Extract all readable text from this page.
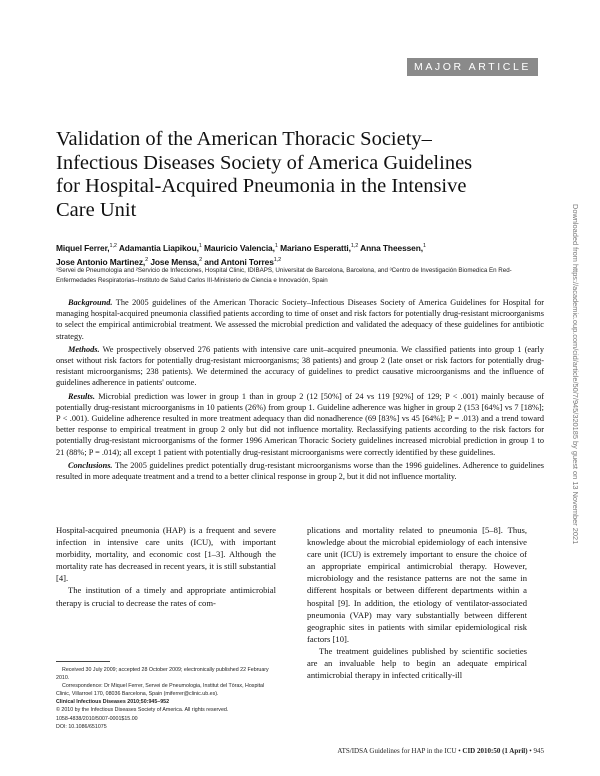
MAJOR ARTICLE
Validation of the American Thoracic Society–Infectious Diseases Society of America Guidelines for Hospital-Acquired Pneumonia in the Intensive Care Unit
Miquel Ferrer,$^{1,2}$ Adamantia Liapikou,$^1$ Mauricio Valencia,$^1$ Mariano Esperatti,$^{1,2}$ Anna Theessen,$^1$
Jose Antonio Martinez,$^2$ Jose Mensa,$^2$ and Antoni Torres$^{1,2}$
¹Servei de Pneumologia and ²Servicio de Infecciones, Hospital Clinic, IDIBAPS, Universitat de Barcelona, Barcelona, and ³Centro de Investigación Biomedica En Red-Enfermedades Respiratorias–Instituto de Salud Carlos III-Ministerio de Ciencia e Innovación, Spain

Background. The 2005 guidelines of the American Thoracic Society–Infectious Diseases Society of America Guidelines for Hospital for managing hospital-acquired pneumonia classified patients according to time of onset and risk factors for potentially drug-resistant microorganisms to select the empirical antimicrobial treatment. We assessed the microbial prediction and validated the adequacy of these guidelines for antibiotic strategy.

Methods. We prospectively observed 276 patients with intensive care unit–acquired pneumonia. We classified patients into group 1 (early onset without risk factors for potentially drug-resistant microorganisms; 38 patients) and group 2 (late onset or risk factors for potentially drug-resistant microorganisms; 238 patients). We determined the accuracy of guidelines to predict causative microorganisms and the influence of guidelines adherence in patients' outcome.

Results. Microbial prediction was lower in group 1 than in group 2 (12 [50%] of 24 vs 119 [92%] of 129; P < .001) mainly because of potentially drug-resistant microorganisms in 10 patients (26%) from group 1. Guideline adherence was higher in group 2 (153 [64%] vs 7 [18%]; P < .001). Guideline adherence resulted in more treatment adequacy than did nonadherence (69 [83%] vs 45 [64%]; P = .013) and a trend toward better response to empirical treatment in group 2 only but did not influence mortality. Reclassifying patients according to the risk factors for potentially drug-resistant microorganisms of the former 1996 American Thoracic Society guidelines increased microbial prediction in group 1 to 21 (88%; P = .014); all except 1 patient with potentially drug-resistant microorganisms were correctly identified by these guidelines.

Conclusions. The 2005 guidelines predict potentially drug-resistant microorganisms worse than the 1996 guidelines. Adherence to guidelines resulted in more adequate treatment and a trend to a better clinical response in group 2, but it did not influence mortality.

Hospital-acquired pneumonia (HAP) is a frequent and severe infection in intensive care units (ICU), with important morbidity, mortality, and economic cost [1–3]. Although the mortality rate has decreased in recent years, it is still substantial [4].

The institution of a timely and appropriate antimicrobial therapy is crucial to decrease the rates of com-

plications and mortality related to pneumonia [5–8]. Thus, knowledge about the microbial epidemiology of each intensive care unit (ICU) is extremely important to ensure the choice of an appropriate empirical antimicrobial therapy. However, microbiology and the resistance patterns are not the same in different hospitals or between different departments within a hospital [9]. In addition, the etiology of ventilator-associated pneumonia (VAP) may vary substantially between different geographic sites in patients with similar epidemiological risk factors [10].

The treatment guidelines published by scientific societies are an invaluable help to begin an adequate empirical antimicrobial therapy in infected critically-ill

Received 30 July 2009; accepted 28 October 2009; electronically published 22 February 2010.

Correspondence: Dr Miquel Ferrer, Servei de Pneumologia, Institut del Tòrax, Hospital Clinic, Villarroel 170, 08036 Barcelona, Spain (miferrer@clinic.ub.es).

Clinical Infectious Diseases 2010;50:945–952

© 2010 by the Infectious Diseases Society of America. All rights reserved.

1058-4838/2010/5007-0001$15.00

DOI: 10.1086/651075

ATS/IDSA Guidelines for HAP in the ICU • CID 2010:50 (1 April) • 945
Downloaded from https://academic.oup.com/cid/article/50/7/945/320185 by guest on 13 November 2021
